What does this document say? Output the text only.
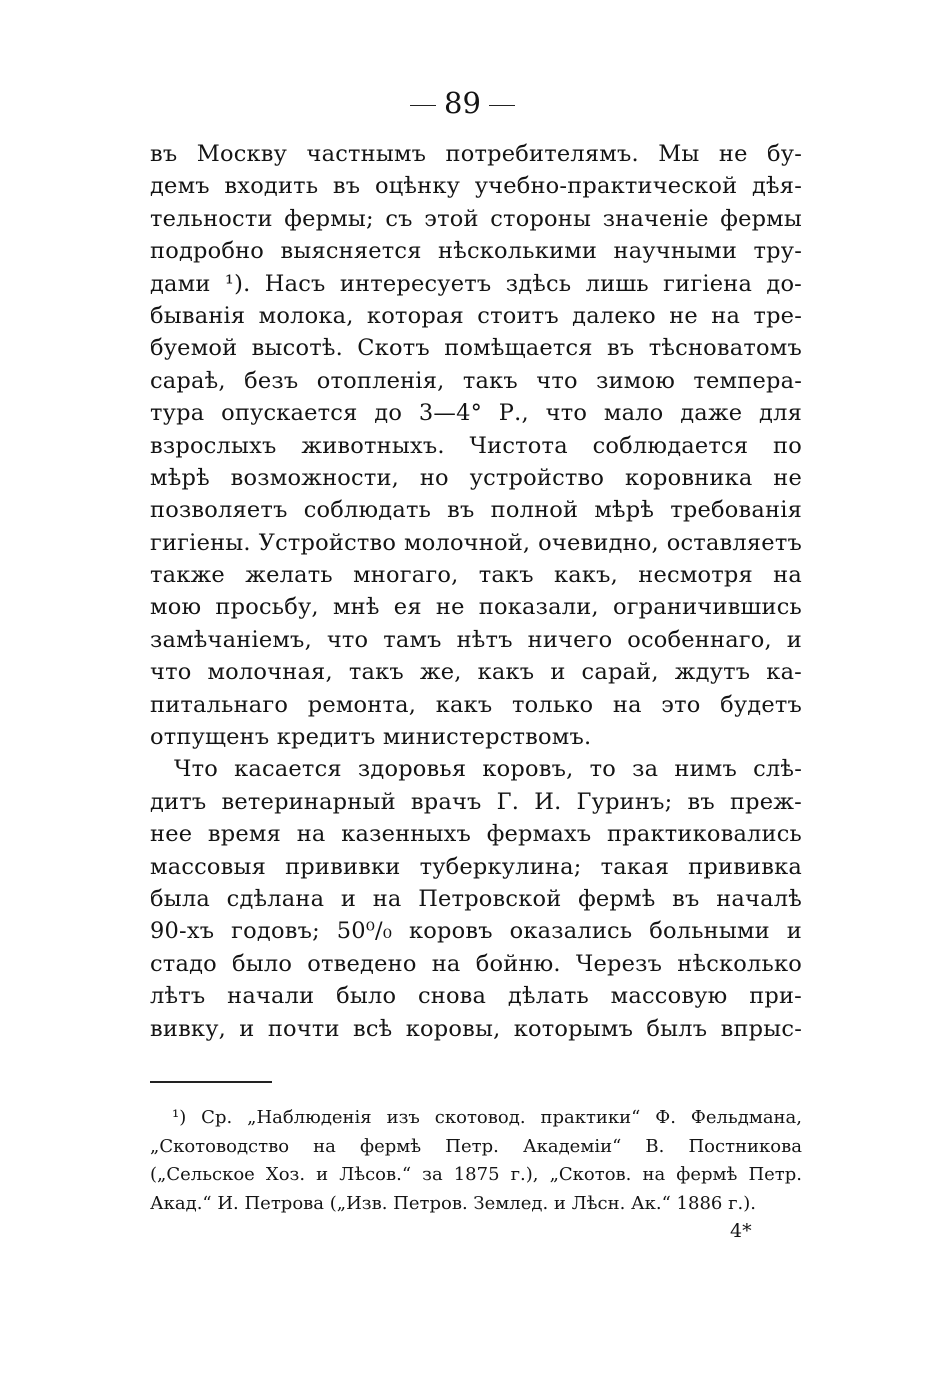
89
въ Москву частнымъ потребителямъ. Мы не бу-
демъ входить въ оцѣнку учебно-практической дѣя-
тельности фермы; съ этой стороны значеніе фермы
подробно выясняется нѣсколькими научными тру-
дами ¹). Насъ интересуетъ здѣсь лишь гигіена до-
быванія молока, которая стоитъ далеко не на тре-
буемой высотѣ. Скотъ помѣщается въ тѣсноватомъ
сараѣ, безъ отопленія, такъ что зимою темпера-
тура опускается до 3—4° Р., что мало даже для
взрослыхъ животныхъ. Чистота соблюдается по
мѣрѣ возможности, но устройство коровника не
позволяетъ соблюдать въ полной мѣрѣ требованія
гигіены. Устройство молочной, очевидно, оставляетъ
также желать многаго, такъ какъ, несмотря на
мою просьбу, мнѣ ея не показали, ограничившись
замѣчаніемъ, что тамъ нѣтъ ничего особеннаго, и
что молочная, такъ же, какъ и сарай, ждутъ ка-
питальнаго ремонта, какъ только на это будетъ
отпущенъ кредитъ министерствомъ.
Что касается здоровья коровъ, то за нимъ слѣ-
дитъ ветеринарный врачъ Г. И. Гуринъ; въ преж-
нее время на казенныхъ фермахъ практиковались
массовыя прививки туберкулина; такая прививка
была сдѣлана и на Петровской фермѣ въ началѣ
90-хъ годовъ; 50⁰/₀ коровъ оказались больными и
стадо было отведено на бойню. Черезъ нѣсколько
лѣтъ начали было снова дѣлать массовую при-
вивку, и почти всѣ коровы, которымъ былъ впрыс-
¹) Ср. „Наблюденія изъ скотовод. практики“ Ф. Фельдмана,
„Скотоводство на фермѣ Петр. Академіи“ В. Постникова
(„Сельское Хоз. и Лѣсов.“ за 1875 г.), „Скотов. на фермѣ Петр.
Акад.“ И. Петрова („Изв. Петров. Землед. и Лѣсн. Ак.“ 1886 г.).
4*
